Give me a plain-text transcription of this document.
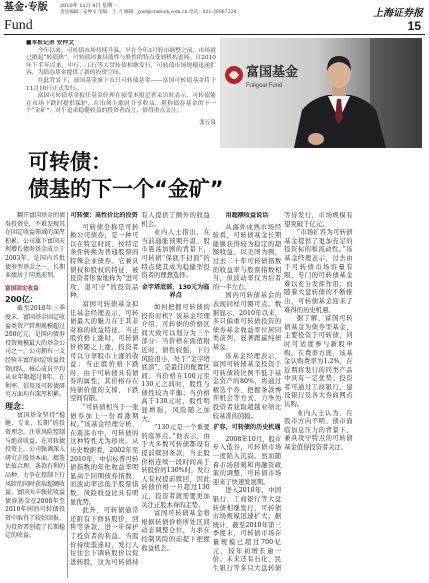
基金·专版 2010年 11月 8日 星期一
责任编辑：安仲文 美编：王 力 邮箱：jyer@cnstock.com.cn 电话：021-38967324	上海证券报
Fund	15

■本报记者 安仲文

今年以来，可转债市场持续升温。早在今年3月股市调整之前，市场就已掀起“转债热”，可转债因兼具债性与股性的特点受到机构追捧。自2010年下半年以来，中行、工行等大盘转债相继发行，可转债市场规模迅速扩容，为债券基金提供了新的投资空间。

在此背景下，富国基金旗下首只可转债基金——富国可转债基金将于11月10日正式发行。

富国可转债基金拟任基金经理在接受本报记者采访时表示，可转债能在市场下跌时提供保护，在市场上涨时分享收益，堪称债券基金的下一个“金矿”，对于追求稳健收益的投资者而言，值得重点关注。

张万泉
富国基金
Fullgoal Fund
可转债：
债基的下一个“金矿”

翻开富国基金的债券投资史，不难发现其在固定收益领域的深厚积累。公司旗下富国天利增长债券基金成立于2003年，是国内首批债券型基金之一，长期业绩居于同类前列。

富国固定收益

200亿：

截至2010年三季度末，富国基金固定收益类资产管理规模超过200亿元，是国内债券投资规模最大的基金公司之一。公司拥有一支经验丰富的固定收益投资团队，核心成员平均从业年限超过8年，在利率、信用及可转债研究方面均有深厚积累。

理念：

富国基金坚持“稳健、专业、长期”的投资理念，注重风险控制与绝对收益。在可转债投资上，公司强调深入研究正股基本面，精选估值合理、条款有利的品种，力争在控制下行风险的同时获取超额收益。富国天丰强化收益债券基金在2008年至2010年间的可转债投资中取得了较好回报，为投资者创造了长期稳定的收益。

可转债：高性价比的投资

可转债全称是可转换公司债券，是一种可以在特定时间、按特定条件转换为普通股票的特殊企业债券。它兼具债权和股权的特征，被投资者形象地称为“进可攻、退可守”的投资品种。

富国可转债基金拟任基金经理表示，可转债最大的魅力在于其非对称的收益特征。当正股价格上涨时，可转债价格随之上涨，投资者可以分享股市上涨的收益；当正股价格下跌时，由于可转债具有债券的属性，其价格存在纯债价值的支撑，下跌空间有限。

“可转债相当于一张债券加上一份看涨期权。”该基金经理分析，在震荡市中，可转债的这种特性尤为珍贵。从历史数据看，2002年至2010年，中信标普可转债指数的年化收益率明显高于同期债券指数，而波动率远低于股票指数，风险收益比具有明显优势。

此外，可转债通常还附有下修转股价、回售等条款，进一步保护了投资者的利益。当股价持续低迷时，发行人往往会下调转股价以促进转股，这为可转债持有人提供了额外的收益机会。

业内人士指出，在当前通胀预期升温、股市震荡加剧的背景下，可转债“保底不封顶”的特点使其成为稳健型投资者的理想选择。

金字塔底部，130元为临界点

如何把握可转债的投资时机？该基金经理介绍，可转债的价格区间大致可以划分为三个部分：当价格在面值附近时，债性较强，下行风险很小，处于“金字塔底部”，是最佳的配置区间；当价格在100元至130元之间时，股性与债性较为平衡；当价格高于130元时，股性明显增强，风险随之加大。

“130元是一个重要的临界点。”他表示，由于大多数可转债都设有提前赎回条款，当正股价格连续一段时间高于转股价的130%时，发行人有权提前赎回，因此转债价格一旦超过130元，投资者就需要更加关注正股本身的走势。

富国可转债基金将根据转债价格所处区间动态调整仓位，力求在控制风险的前提下把握收益机会。

用超额收益说话

从海外成熟市场经验看，可转债基金长期能够获得较为稳定的超额收益。以美国为例，过去二十年可转债指数的收益率与股票指数相当，但波动率仅为后者的一半左右。

国内可转债基金的表现同样可圈可点。数据显示，2010年以来，多只偏重可转债投资的债券基金收益率位居同类前列，显著跑赢纯债基金。

该基金经理表示，富国可转债基金投资于可转债的比例不低于基金资产的80%，将通过精选个券、把握条款博弈机会等方式，力争为投资者获取超越业绩比较基准的回报。

扩容，可转债的历史机遇

2008年10月，股市步入低谷，可转债市场一度陷入沉寂。然而随着市场回暖和再融资政策的调整，可转债市场迎来了快速发展期。

进入2010年，中国银行、工商银行等大盘转债相继发行，可转债市场规模迅速扩大。据统计，截至2010年第三季度末，可转债市场存量规模已超过700亿元，较年初增长逾一倍。未来还有石化、民生银行等多只大盘转债等待发行，市场规模有望突破千亿元。

“市场扩容为可转债基金提供了更加充足的投资标的和流动性。”该基金经理表示，过去由于可转债市场容量有限，专门的可转债基金难以充分发挥作用；而随着大盘转债的不断推出，可转债基金迎来了难得的历史机遇。

据了解，富国可转债基金为债券型基金，主要投资于可转债，同时可适度参与新股申购。在费率方面，该基金认购费率为1.2%，在近期将发行的同类产品中具有一定优势。投资者可通过工商银行、建设银行及各大券商网点认购。

业内人士认为，在股市方向不明、债市面临加息压力的背景下，兼具攻守特点的可转债基金值得投资者关注。
